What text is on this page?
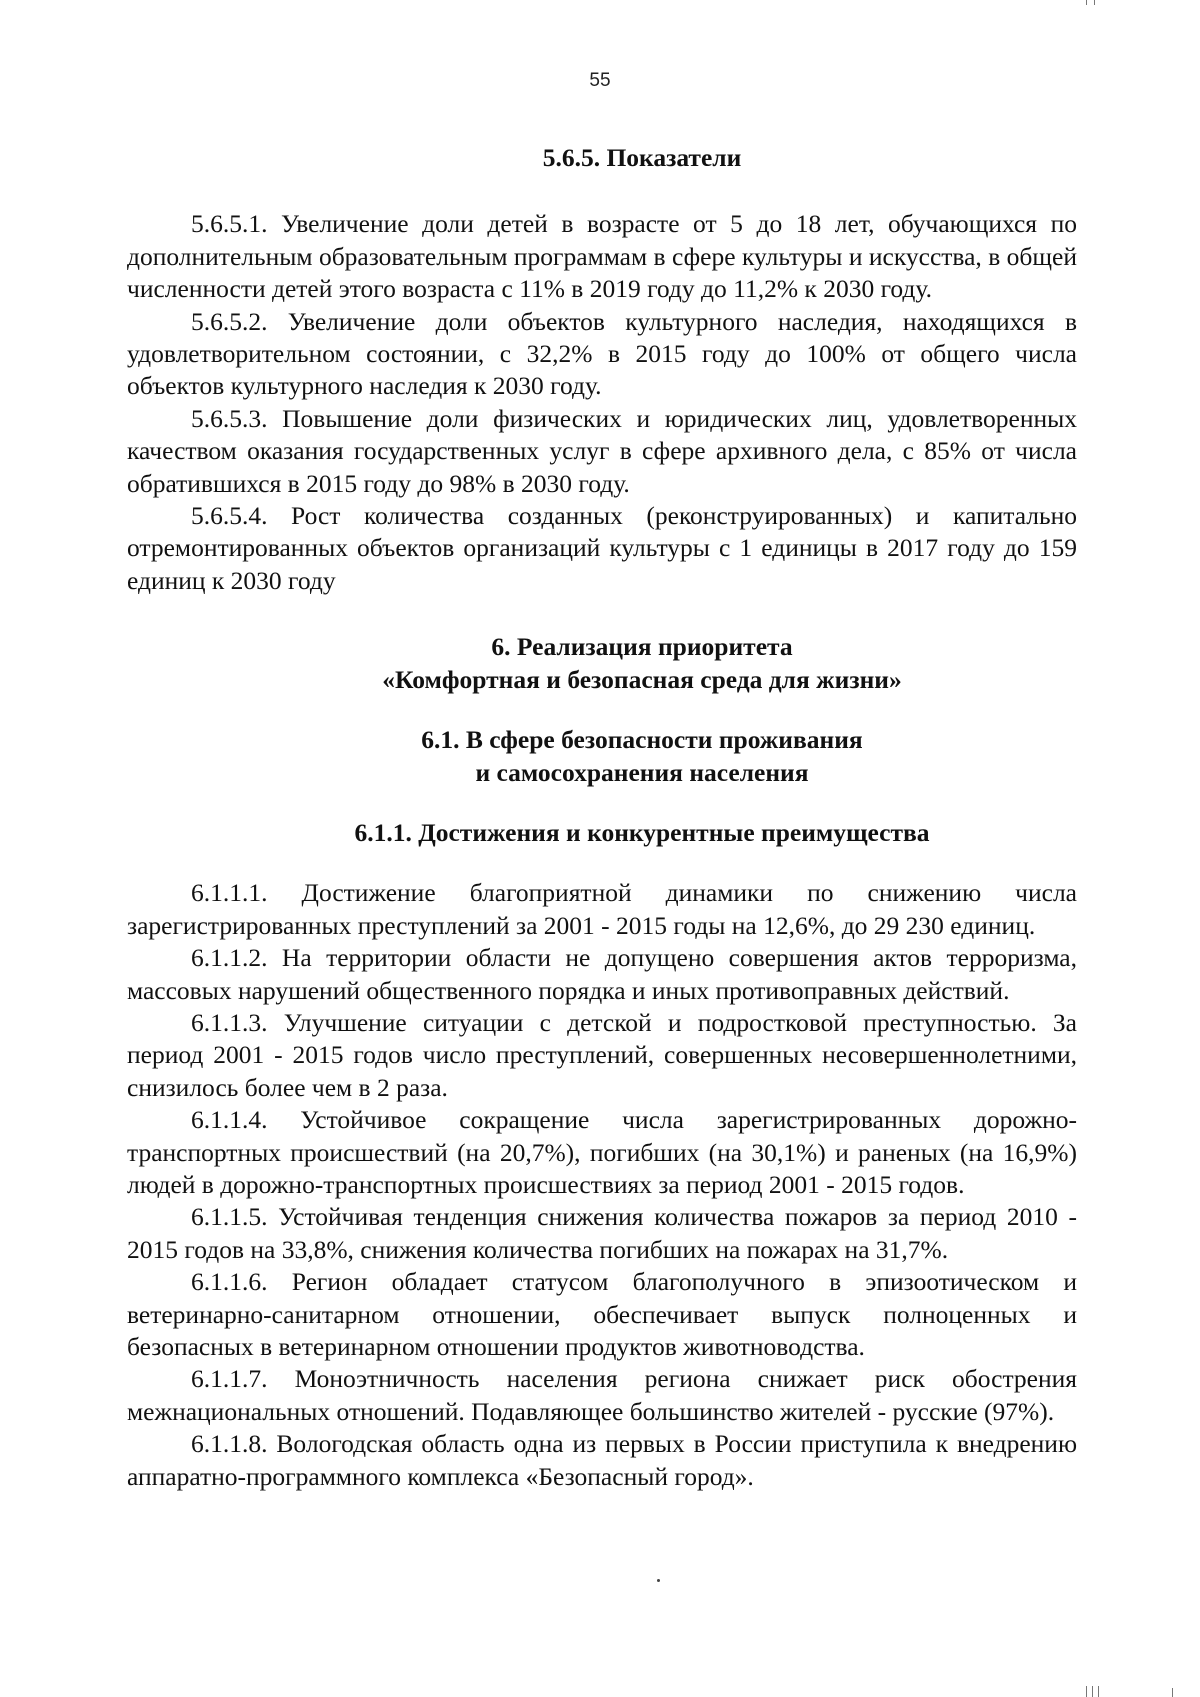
55
5.6.5. Показатели

5.6.5.1. Увеличение доли детей в возрасте от 5 до 18 лет, обучающихся по дополнительным образовательным программам в сфере культуры и искусства, в общей численности детей этого возраста с 11% в 2019 году до 11,2% к 2030 году.

5.6.5.2. Увеличение доли объектов культурного наследия, находящихся в удовлетворительном состоянии, с 32,2% в 2015 году до 100% от общего числа объектов культурного наследия к 2030 году.

5.6.5.3. Повышение доли физических и юридических лиц, удовлетворенных качеством оказания государственных услуг в сфере архивного дела, с 85% от числа обратившихся в 2015 году до 98% в 2030 году.

5.6.5.4. Рост количества созданных (реконструированных) и капитально отремонтированных объектов организаций культуры с 1 единицы в 2017 году до 159 единиц к 2030 году

6. Реализация приоритета
«Комфортная и безопасная среда для жизни»
6.1. В сфере безопасности проживания
и самосохранения населения
6.1.1. Достижения и конкурентные преимущества

6.1.1.1. Достижение благоприятной динамики по снижению числа зарегистрированных преступлений за 2001 - 2015 годы на 12,6%, до 29 230 единиц.

6.1.1.2. На территории области не допущено совершения актов терроризма, массовых нарушений общественного порядка и иных противоправных действий.

6.1.1.3. Улучшение ситуации с детской и подростковой преступностью. За период 2001 - 2015 годов число преступлений, совершенных несовершеннолетними, снизилось более чем в 2 раза.

6.1.1.4. Устойчивое сокращение числа зарегистрированных дорожно-транспортных происшествий (на 20,7%), погибших (на 30,1%) и раненых (на 16,9%) людей в дорожно-транспортных происшествиях за период 2001 - 2015 годов.

6.1.1.5. Устойчивая тенденция снижения количества пожаров за период 2010 - 2015 годов на 33,8%, снижения количества погибших на пожарах на 31,7%.

6.1.1.6. Регион обладает статусом благополучного в эпизоотическом и ветеринарно-санитарном отношении, обеспечивает выпуск полноценных и безопасных в ветеринарном отношении продуктов животноводства.

6.1.1.7. Моноэтничность населения региона снижает риск обострения межнациональных отношений. Подавляющее большинство жителей - русские (97%).

6.1.1.8. Вологодская область одна из первых в России приступила к внедрению аппаратно-программного комплекса «Безопасный город».
